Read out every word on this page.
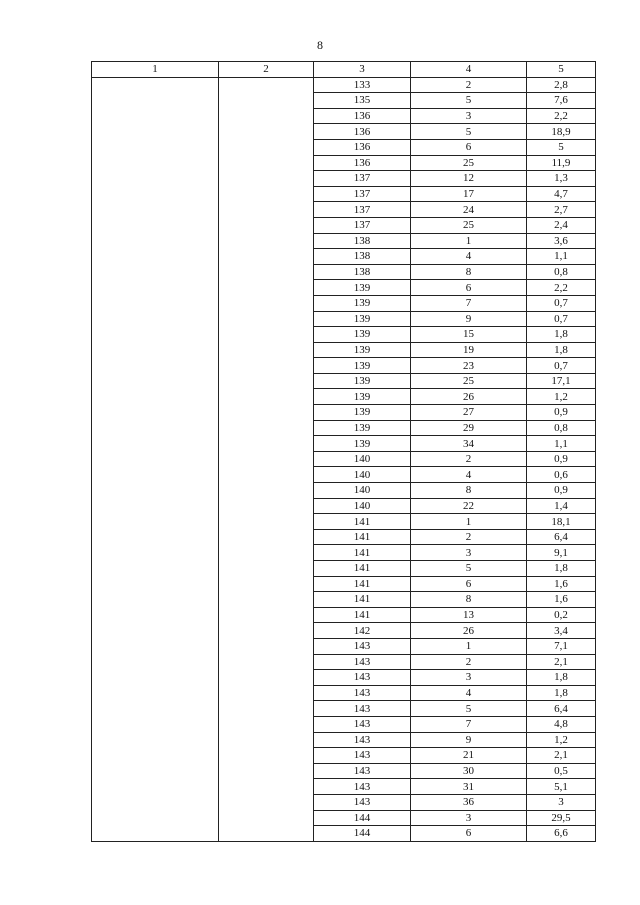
8
1	2	3	4	5
		133	2	2,8
		135	5	7,6
		136	3	2,2
		136	5	18,9
		136	6	5
		136	25	11,9
		137	12	1,3
		137	17	4,7
		137	24	2,7
		137	25	2,4
		138	1	3,6
		138	4	1,1
		138	8	0,8
		139	6	2,2
		139	7	0,7
		139	9	0,7
		139	15	1,8
		139	19	1,8
		139	23	0,7
		139	25	17,1
		139	26	1,2
		139	27	0,9
		139	29	0,8
		139	34	1,1
		140	2	0,9
		140	4	0,6
		140	8	0,9
		140	22	1,4
		141	1	18,1
		141	2	6,4
		141	3	9,1
		141	5	1,8
		141	6	1,6
		141	8	1,6
		141	13	0,2
		142	26	3,4
		143	1	7,1
		143	2	2,1
		143	3	1,8
		143	4	1,8
		143	5	6,4
		143	7	4,8
		143	9	1,2
		143	21	2,1
		143	30	0,5
		143	31	5,1
		143	36	3
		144	3	29,5
		144	6	6,6
